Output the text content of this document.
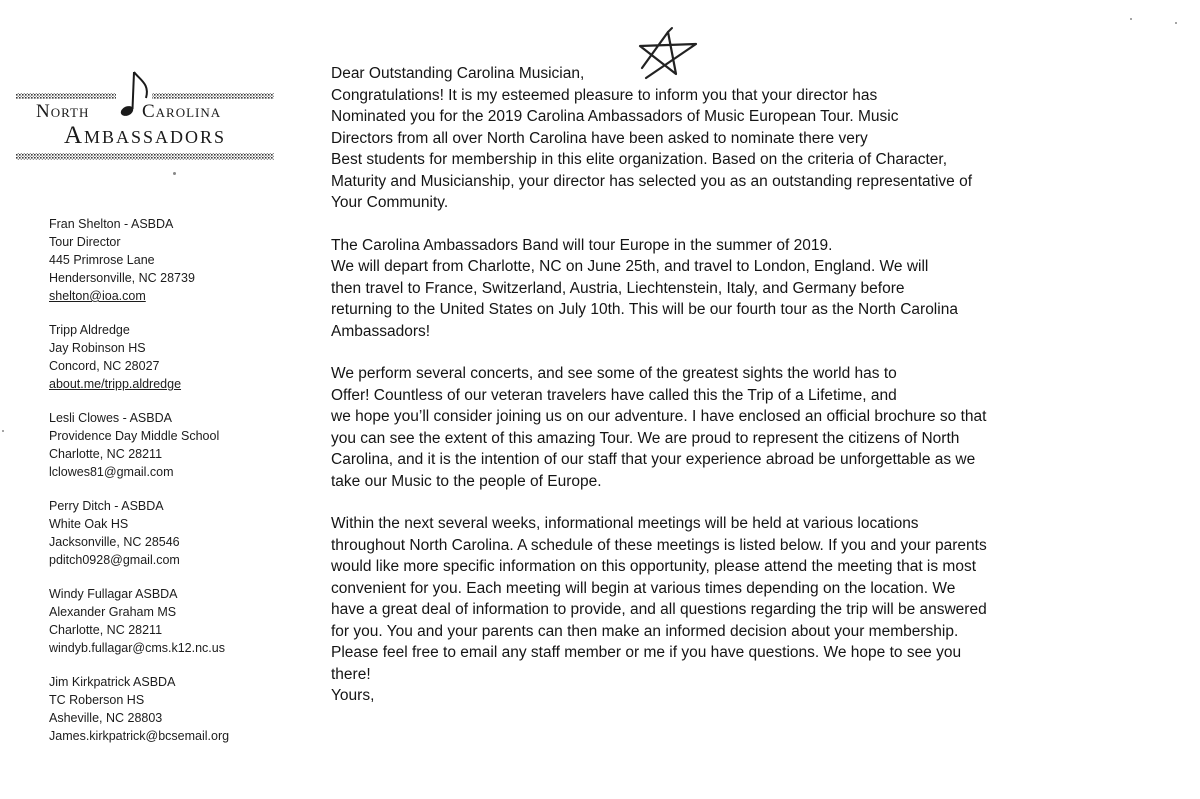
North	Carolina
Ambassadors
Fran Shelton - ASBDA
Tour Director
445 Primrose Lane
Hendersonville, NC 28739
shelton@ioa.com
Tripp Aldredge
Jay Robinson HS
Concord, NC 28027
about.me/tripp.aldredge
Lesli Clowes - ASBDA
Providence Day Middle School
Charlotte, NC 28211
lclowes81@gmail.com
Perry Ditch - ASBDA
White Oak HS
Jacksonville, NC 28546
pditch0928@gmail.com
Windy Fullagar ASBDA
Alexander Graham MS
Charlotte, NC 28211
windyb.fullagar@cms.k12.nc.us
Jim Kirkpatrick ASBDA
TC Roberson HS
Asheville, NC 28803
James.kirkpatrick@bcsemail.org
Dear Outstanding Carolina Musician,
Congratulations! It is my esteemed pleasure to inform you that your director has
Nominated you for the 2019 Carolina Ambassadors of Music European Tour. Music
Directors from all over North Carolina have been asked to nominate there very
Best students for membership in this elite organization. Based on the criteria of Character,
Maturity and Musicianship, your director has selected you as an outstanding representative of
Your Community.
The Carolina Ambassadors Band will tour Europe in the summer of 2019.
We will depart from Charlotte, NC on June 25th, and travel to London, England. We will
then travel to France, Switzerland, Austria, Liechtenstein, Italy, and Germany before
returning to the United States on July 10th. This will be our fourth tour as the North Carolina
Ambassadors!
We perform several concerts, and see some of the greatest sights the world has to
Offer! Countless of our veteran travelers have called this the Trip of a Lifetime, and
we hope you’ll consider joining us on our adventure. I have enclosed an official brochure so that
you can see the extent of this amazing Tour. We are proud to represent the citizens of North
Carolina, and it is the intention of our staff that your experience abroad be unforgettable as we
take our Music to the people of Europe.
Within the next several weeks, informational meetings will be held at various locations
throughout North Carolina. A schedule of these meetings is listed below. If you and your parents
would like more specific information on this opportunity, please attend the meeting that is most
convenient for you. Each meeting will begin at various times depending on the location. We
have a great deal of information to provide, and all questions regarding the trip will be answered
for you. You and your parents can then make an informed decision about your membership.
Please feel free to email any staff member or me if you have questions. We hope to see you
there!
Yours,
